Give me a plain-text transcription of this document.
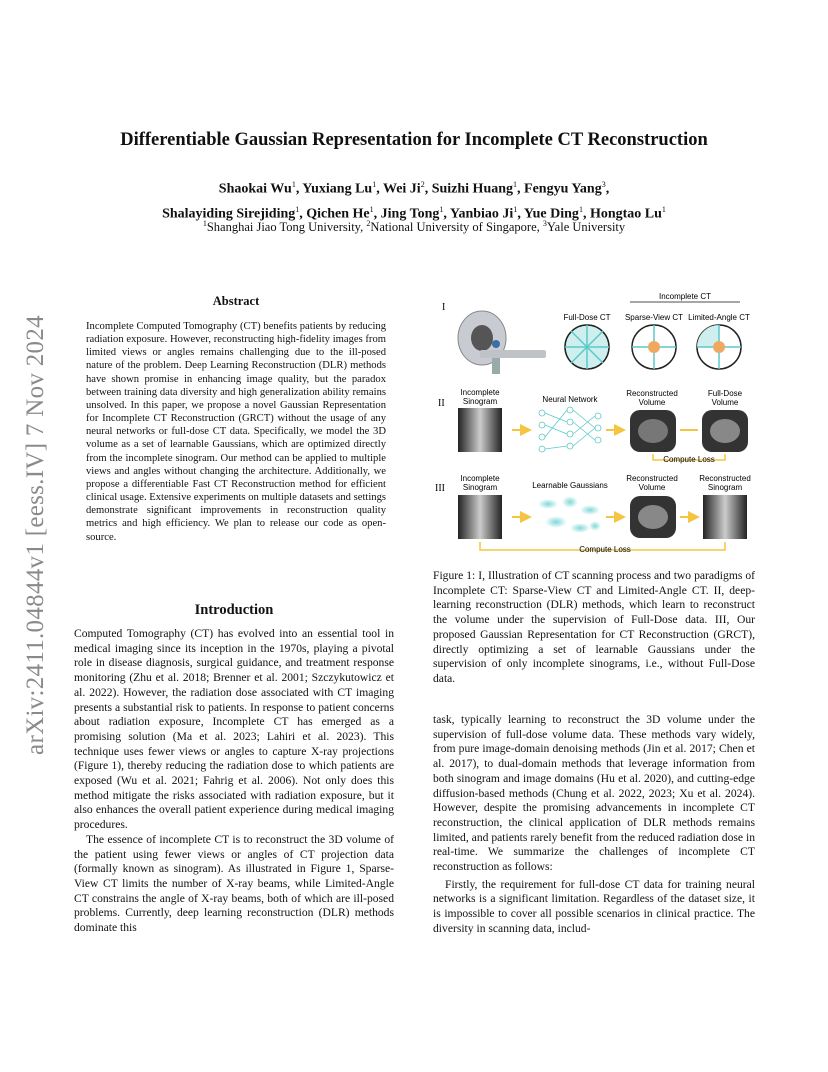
arXiv:2411.04844v1 [eess.IV] 7 Nov 2024
Differentiable Gaussian Representation for Incomplete CT Reconstruction
Shaokai Wu$^1$, Yuxiang Lu$^1$, Wei Ji$^2$, Suizhi Huang$^1$, Fengyu Yang$^3$,
Shalayiding Sirejiding$^1$, Qichen He$^1$, Jing Tong$^1$, Yanbiao Ji$^1$, Yue Ding$^1$, Hongtao Lu$^1$
$^1$Shanghai Jiao Tong University, $^2$National University of Singapore, $^3$Yale University
Abstract
Incomplete Computed Tomography (CT) benefits patients by reducing radiation exposure. However, reconstructing high-fidelity images from limited views or angles remains challenging due to the ill-posed nature of the problem. Deep Learning Reconstruction (DLR) methods have shown promise in enhancing image quality, but the paradox between training data diversity and high generalization ability remains unsolved. In this paper, we propose a novel Gaussian Representation for Incomplete CT Reconstruction (GRCT) without the usage of any neural networks or full-dose CT data. Specifically, we model the 3D volume as a set of learnable Gaussians, which are optimized directly from the incomplete sinogram. Our method can be applied to multiple views and angles without changing the architecture. Additionally, we propose a differentiable Fast CT Reconstruction method for efficient clinical usage. Extensive experiments on multiple datasets and settings demonstrate significant improvements in reconstruction quality metrics and high efficiency. We plan to release our code as open-source.
Introduction

Computed Tomography (CT) has evolved into an essential tool in medical imaging since its inception in the 1970s, playing a pivotal role in disease diagnosis, surgical guidance, and treatment response monitoring (Zhu et al. 2018; Brenner et al. 2001; Szczykutowicz et al. 2022). However, the radiation dose associated with CT imaging presents a substantial risk to patients. In response to patient concerns about radiation exposure, Incomplete CT has emerged as a promising solution (Ma et al. 2023; Lahiri et al. 2023). This technique uses fewer views or angles to capture X-ray projections (Figure 1), thereby reducing the radiation dose to which patients are exposed (Wu et al. 2021; Fahrig et al. 2006). Not only does this method mitigate the risks associated with radiation exposure, but it also enhances the overall patient experience during medical imaging procedures.

The essence of incomplete CT is to reconstruct the 3D volume of the patient using fewer views or angles of CT projection data (formally known as sinogram). As illustrated in Figure 1, Sparse-View CT limits the number of X-ray beams, while Limited-Angle CT constrains the angle of X-ray beams, both of which are ill-posed problems. Currently, deep learning reconstruction (DLR) methods dominate this

I
II
III
Incomplete CT
Full-Dose CT Sparse-View CT Limited-Angle CT
Incomplete
Sinogram	Neural Network
Reconstructed
Volume
Full-Dose
Volume
Compute Loss
Incomplete
Sinogram	Learnable Gaussians
Reconstructed
Volume
Reconstructed
Sinogram
Compute Loss
Figure 1: I, Illustration of CT scanning process and two paradigms of Incomplete CT: Sparse-View CT and Limited-Angle CT. II, deep-learning reconstruction (DLR) methods, which learn to reconstruct the volume under the supervision of Full-Dose data. III, Our proposed Gaussian Representation for CT Reconstruction (GRCT), directly optimizing a set of learnable Gaussians under the supervision of only incomplete sinograms, i.e., without Full-Dose data.

task, typically learning to reconstruct the 3D volume under the supervision of full-dose volume data. These methods vary widely, from pure image-domain denoising methods (Jin et al. 2017; Chen et al. 2017), to dual-domain methods that leverage information from both sinogram and image domains (Hu et al. 2020), and cutting-edge diffusion-based methods (Chung et al. 2022, 2023; Xu et al. 2024). However, despite the promising advancements in incomplete CT reconstruction, the clinical application of DLR methods remains limited, and patients rarely benefit from the reduced radiation dose in real-time. We summarize the challenges of incomplete CT reconstruction as follows:

Firstly, the requirement for full-dose CT data for training neural networks is a significant limitation. Regardless of the dataset size, it is impossible to cover all possible scenarios in clinical practice. The diversity in scanning data, includ-
